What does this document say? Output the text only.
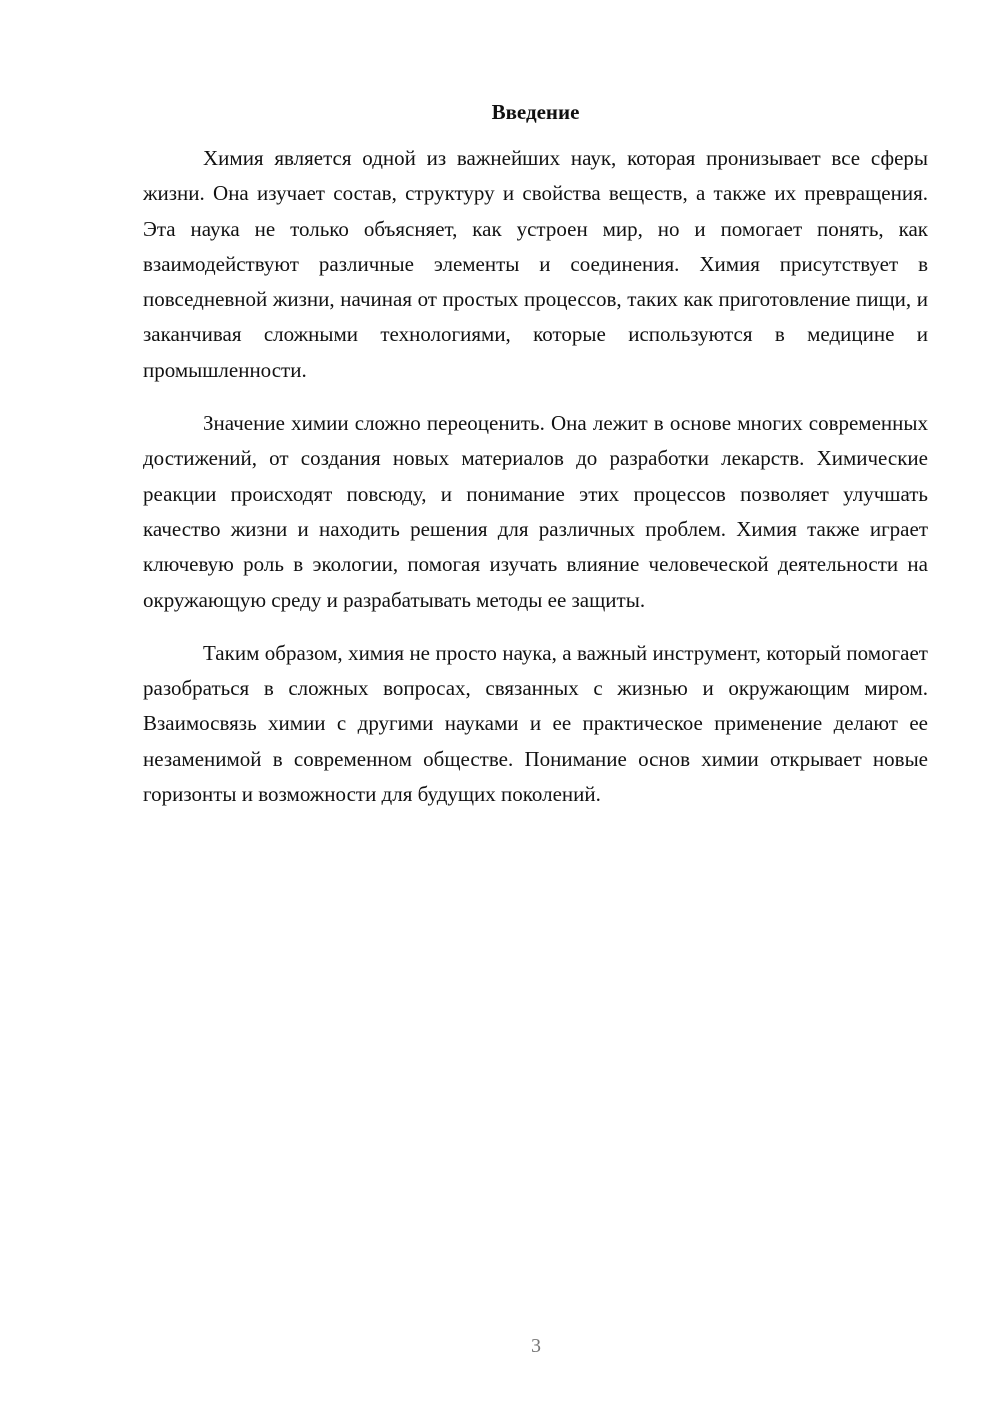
Введение

Химия является одной из важнейших наук, которая пронизывает все сферы жизни. Она изучает состав, структуру и свойства веществ, а также их превращения. Эта наука не только объясняет, как устроен мир, но и помогает понять, как взаимодействуют различные элементы и соединения. Химия присутствует в повседневной жизни, начиная от простых процессов, таких как приготовление пищи, и заканчивая сложными технологиями, которые используются в медицине и промышленности.

Значение химии сложно переоценить. Она лежит в основе многих современных достижений, от создания новых материалов до разработки лекарств. Химические реакции происходят повсюду, и понимание этих процессов позволяет улучшать качество жизни и находить решения для различных проблем. Химия также играет ключевую роль в экологии, помогая изучать влияние человеческой деятельности на окружающую среду и разрабатывать методы ее защиты.

Таким образом, химия не просто наука, а важный инструмент, который помогает разобраться в сложных вопросах, связанных с жизнью и окружающим миром. Взаимосвязь химии с другими науками и ее практическое применение делают ее незаменимой в современном обществе. Понимание основ химии открывает новые горизонты и возможности для будущих поколений.

3
